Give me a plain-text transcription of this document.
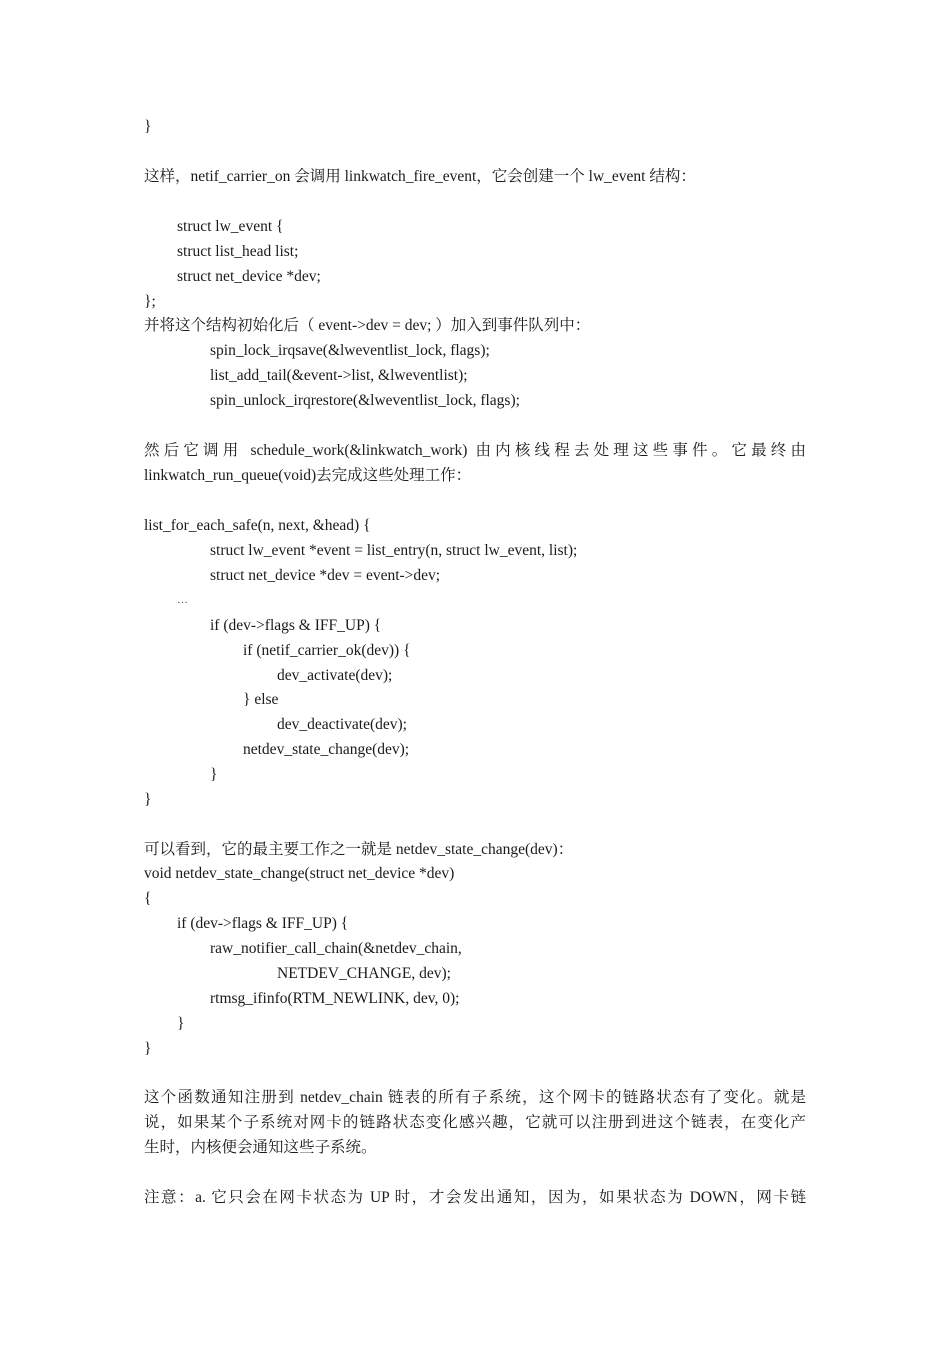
}
这样，netif_carrier_on 会调用 linkwatch_fire_event，它会创建一个 lw_event 结构：
struct lw_event {
struct list_head list;
struct net_device *dev;
};
并将这个结构初始化后（ event->dev = dev; ）加入到事件队列中：
spin_lock_irqsave(&lweventlist_lock, flags);
list_add_tail(&event->list, &lweventlist);
spin_unlock_irqrestore(&lweventlist_lock, flags);
然后它调用 schedule_work(&linkwatch_work) 由内核线程去处理这些事件。它最终由
linkwatch_run_queue(void)去完成这些处理工作：
list_for_each_safe(n, next, &head) {
struct lw_event *event = list_entry(n, struct lw_event, list);
struct net_device *dev = event->dev;
…
if (dev->flags & IFF_UP) {
if (netif_carrier_ok(dev)) {
dev_activate(dev);
} else
dev_deactivate(dev);
netdev_state_change(dev);
}
}
可以看到，它的最主要工作之一就是 netdev_state_change(dev)：
void netdev_state_change(struct net_device *dev)
{
if (dev->flags & IFF_UP) {
raw_notifier_call_chain(&netdev_chain,
NETDEV_CHANGE, dev);
rtmsg_ifinfo(RTM_NEWLINK, dev, 0);
}
}
这个函数通知注册到 netdev_chain 链表的所有子系统，这个网卡的链路状态有了变化。就是
说，如果某个子系统对网卡的链路状态变化感兴趣，它就可以注册到进这个链表，在变化产
生时，内核便会通知这些子系统。
注意：a. 它只会在网卡状态为 UP 时，才会发出通知，因为，如果状态为 DOWN，网卡链
